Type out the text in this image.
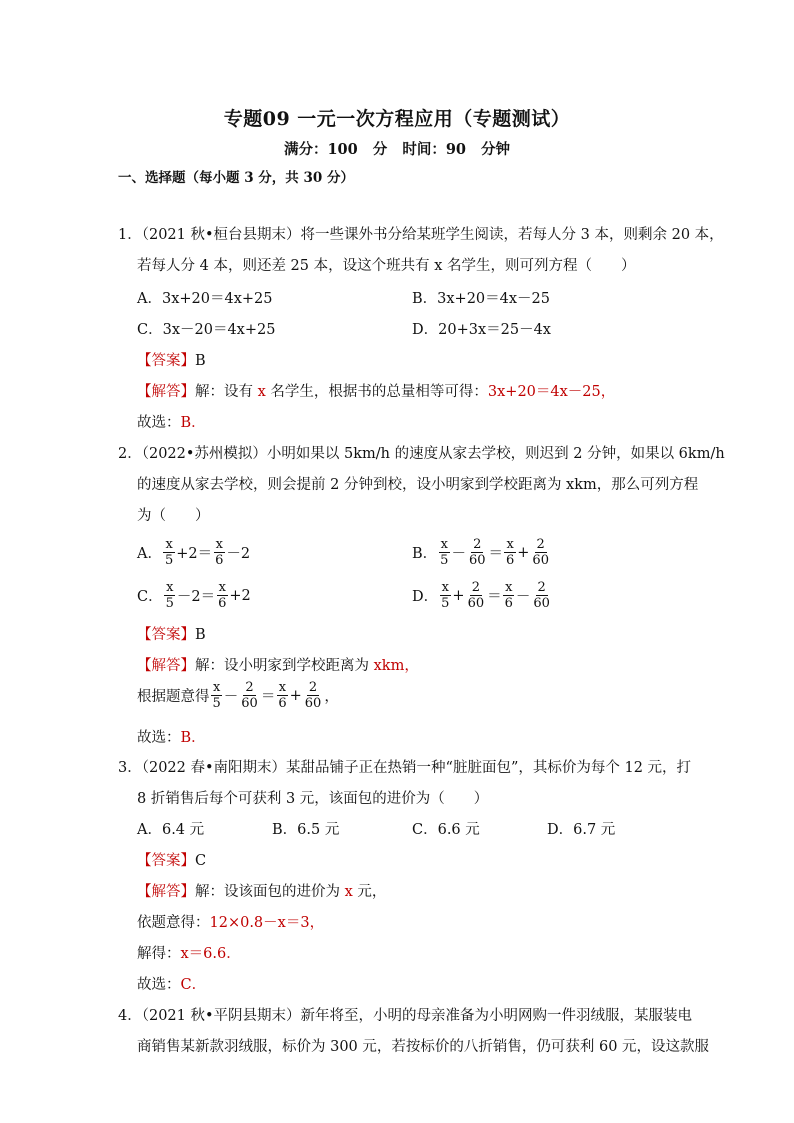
专题09 一元一次方程应用（专题测试）
满分：100 分 时间：90 分钟
一、选择题（每小题 3 分，共 30 分）
1．（2021 秋•桓台县期末）将一些课外书分给某班学生阅读，若每人分 3 本，则剩余 20 本，
若每人分 4 本，则还差 25 本，设这个班共有 x 名学生，则可列方程（　　）
A．3x+20＝4x+25	B．3x+20＝4x－25
C．3x－20＝4x+25	D．20+3x＝25－4x
【答案】B
【解答】解：设有 x 名学生，根据书的总量相等可得：3x+20＝4x－25，
故选：B．
2．（2022•苏州模拟）小明如果以 5km/h 的速度从家去学校，则迟到 2 分钟，如果以 6km/h
的速度从家去学校，则会提前 2 分钟到校，设小明家到学校距离为 xkm，那么可列方程
为（　　）
A． $\frac{x}{5} +2= \frac{x}{6} -2$	B． $\frac{x}{5} - \frac{2}{60} = \frac{x}{6} + \frac{2}{60}$
C． $\frac{x}{5} -2= \frac{x}{6} +2$	D． $\frac{x}{5} + \frac{2}{60} = \frac{x}{6} - \frac{2}{60}$
【答案】B
【解答】解：设小明家到学校距离为 xkm，
根据题意得 $\frac{x}{5} - \frac{2}{60} = \frac{x}{6} + \frac{2}{60}$ ，
故选：B．
3．（2022 春•南阳期末）某甜品铺子正在热销一种“脏脏面包”，其标价为每个 12 元，打
8 折销售后每个可获利 3 元，该面包的进价为（　　）
A．6.4 元	B．6.5 元	C．6.6 元	D．6.7 元
【答案】C
【解答】解：设该面包的进价为 x 元，
依题意得：12×0.8－x＝3，
解得：x＝6.6．
故选：C．
4．（2021 秋•平阴县期末）新年将至，小明的母亲准备为小明网购一件羽绒服，某服装电
商销售某新款羽绒服，标价为 300 元，若按标价的八折销售，仍可获利 60 元，设这款服
